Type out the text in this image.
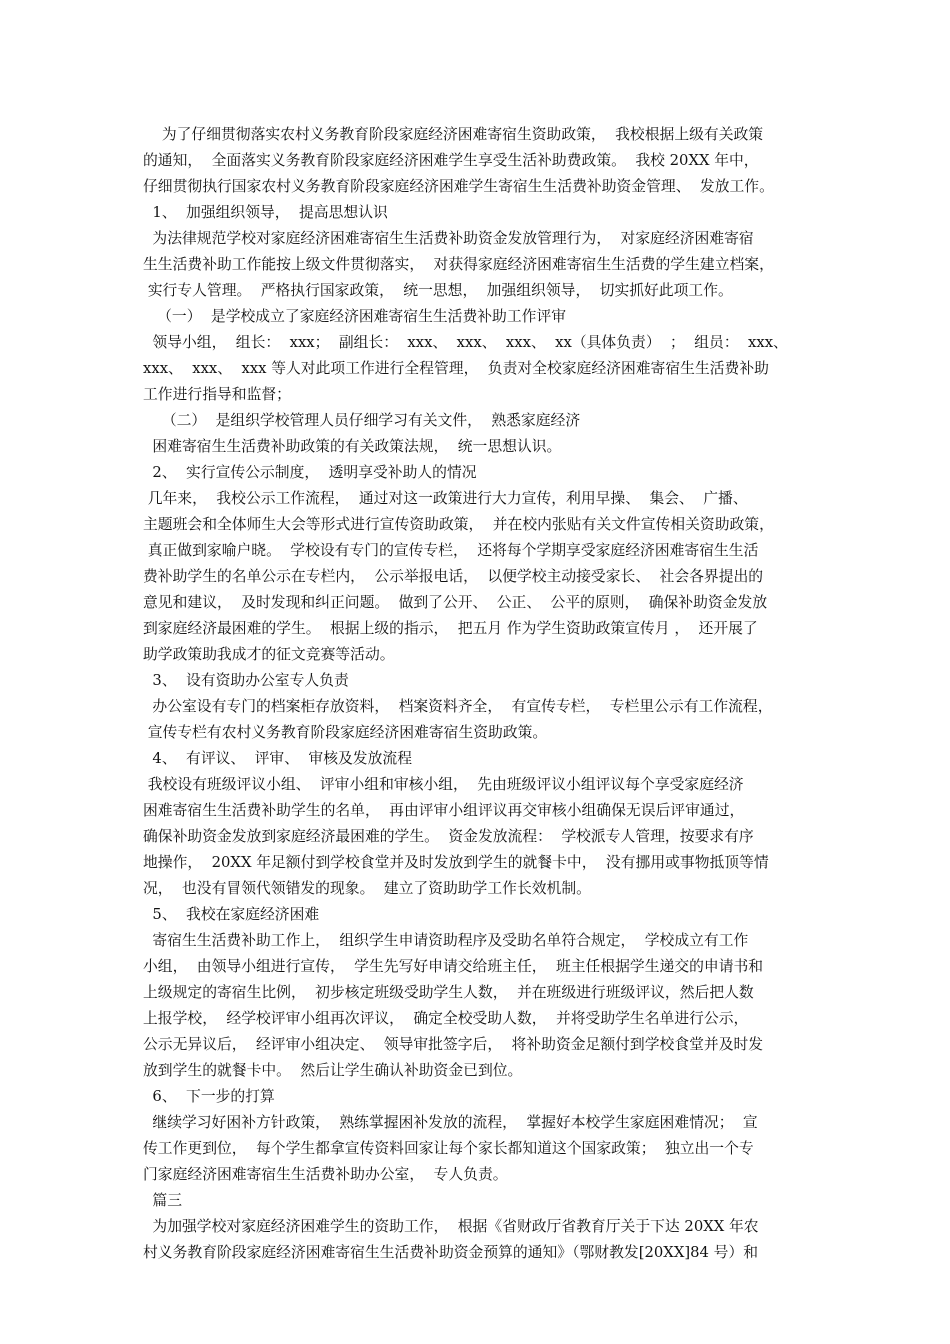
为了仔细贯彻落实农村义务教育阶段家庭经济困难寄宿生资助政策，  我校根据上级有关政策
的通知，  全面落实义务教育阶段家庭经济困难学生享受生活补助费政策。  我校 20XX 年中，
仔细贯彻执行国家农村义务教育阶段家庭经济困难学生寄宿生生活费补助资金管理、  发放工作。
1、  加强组织领导，  提高思想认识
为法律规范学校对家庭经济困难寄宿生生活费补助资金发放管理行为，  对家庭经济困难寄宿
生生活费补助工作能按上级文件贯彻落实，  对获得家庭经济困难寄宿生生活费的学生建立档案，
实行专人管理。  严格执行国家政策，  统一思想，  加强组织领导，  切实抓好此项工作。
（一）  是学校成立了家庭经济困难寄宿生生活费补助工作评审
领导小组，  组长：  xxx；  副组长：  xxx、  xxx、  xxx、  xx（具体负责）  ；  组员：  xxx、
xxx、  xxx、  xxx 等人对此项工作进行全程管理，  负责对全校家庭经济困难寄宿生生活费补助
工作进行指导和监督；
（二）  是组织学校管理人员仔细学习有关文件，  熟悉家庭经济
困难寄宿生生活费补助政策的有关政策法规，  统一思想认识。
2、  实行宣传公示制度，  透明享受补助人的情况
几年来，  我校公示工作流程，  通过对这一政策进行大力宣传，利用早操、  集会、  广播、
主题班会和全体师生大会等形式进行宣传资助政策，  并在校内张贴有关文件宣传相关资助政策，
真正做到家喻户晓。  学校设有专门的宣传专栏，  还将每个学期享受家庭经济困难寄宿生生活
费补助学生的名单公示在专栏内，  公示举报电话，  以便学校主动接受家长、  社会各界提出的
意见和建议，  及时发现和纠正问题。  做到了公开、  公正、  公平的原则，  确保补助资金发放
到家庭经济最困难的学生。  根据上级的指示，  把五月 作为学生资助政策宣传月 ，  还开展了
助学政策助我成才的征文竞赛等活动。
3、  设有资助办公室专人负责
办公室设有专门的档案柜存放资料，  档案资料齐全，  有宣传专栏，  专栏里公示有工作流程，
宣传专栏有农村义务教育阶段家庭经济困难寄宿生资助政策。
4、  有评议、  评审、  审核及发放流程
我校设有班级评议小组、  评审小组和审核小组，  先由班级评议小组评议每个享受家庭经济
困难寄宿生生活费补助学生的名单，  再由评审小组评议再交审核小组确保无误后评审通过，
确保补助资金发放到家庭经济最困难的学生。  资金发放流程：  学校派专人管理，按要求有序
地操作，  20XX 年足额付到学校食堂并及时发放到学生的就餐卡中，  没有挪用或事物抵顶等情
况，  也没有冒领代领错发的现象。  建立了资助助学工作长效机制。
5、  我校在家庭经济困难
寄宿生生活费补助工作上，  组织学生申请资助程序及受助名单符合规定，  学校成立有工作
小组，  由领导小组进行宣传，  学生先写好申请交给班主任，  班主任根据学生递交的申请书和
上级规定的寄宿生比例，  初步核定班级受助学生人数，  并在班级进行班级评议，然后把人数
上报学校，  经学校评审小组再次评议，  确定全校受助人数，  并将受助学生名单进行公示，
公示无异议后，  经评审小组决定、  领导审批签字后，  将补助资金足额付到学校食堂并及时发
放到学生的就餐卡中。  然后让学生确认补助资金已到位。
6、  下一步的打算
继续学习好困补方针政策，  熟练掌握困补发放的流程，  掌握好本校学生家庭困难情况；  宣
传工作更到位，  每个学生都拿宣传资料回家让每个家长都知道这个国家政策；  独立出一个专
门家庭经济困难寄宿生生活费补助办公室，  专人负责。
篇三
为加强学校对家庭经济困难学生的资助工作，  根据《省财政厅省教育厅关于下达 20XX 年农
村义务教育阶段家庭经济困难寄宿生生活费补助资金预算的通知》（鄂财教发[20XX]84 号）和
